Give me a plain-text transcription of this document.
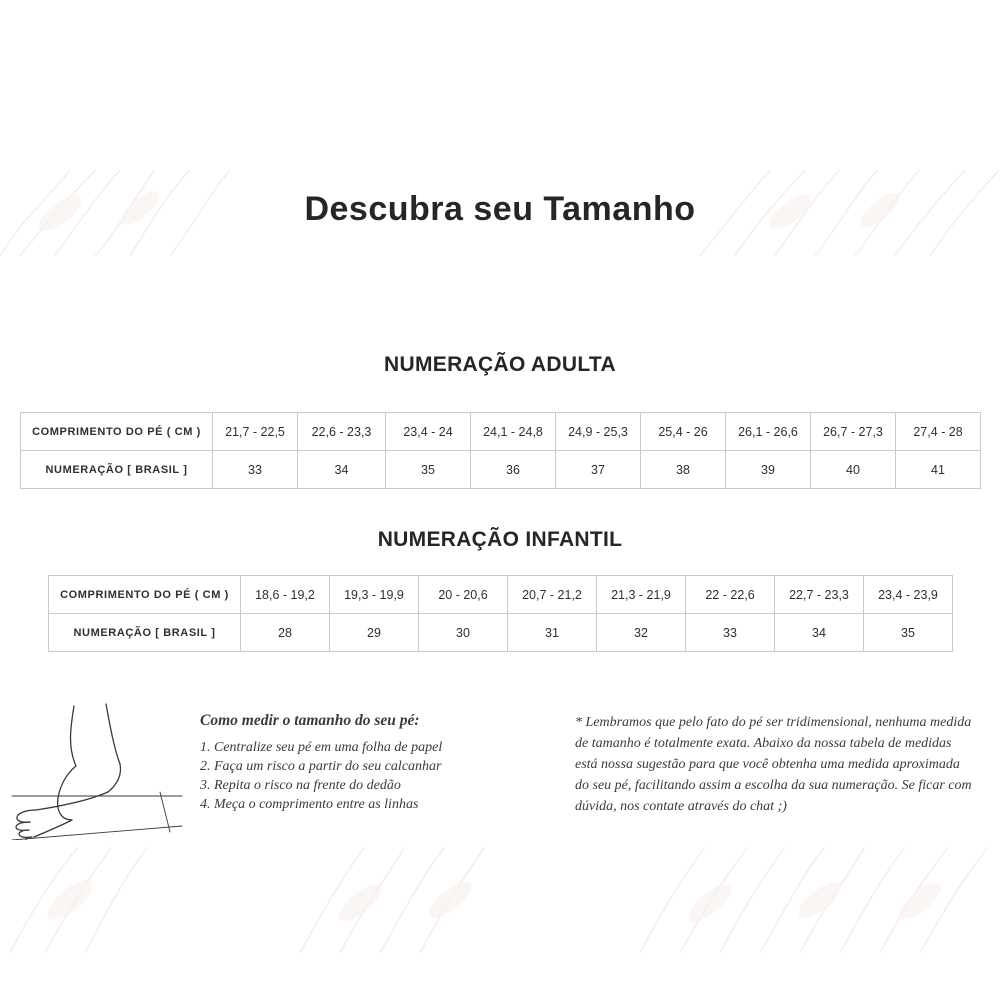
Descubra seu Tamanho
NUMERAÇÃO ADULTA
COMPRIMENTO DO PÉ ( CM )	21,7 - 22,5	22,6 - 23,3	23,4 - 24	24,1 - 24,8	24,9 - 25,3	25,4 - 26	26,1 - 26,6	26,7 - 27,3	27,4 - 28
NUMERAÇÃO [ BRASIL ]	33	34	35	36	37	38	39	40	41
NUMERAÇÃO INFANTIL
COMPRIMENTO DO PÉ ( CM )	18,6 - 19,2	19,3 - 19,9	20 - 20,6	20,7 - 21,2	21,3 - 21,9	22 - 22,6	22,7 - 23,3	23,4 - 23,9
NUMERAÇÃO [ BRASIL ]	28	29	30	31	32	33	34	35
Como medir o tamanho do seu pé:
1. Centralize seu pé em uma folha de papel
2. Faça um risco a partir do seu calcanhar
3. Repita o risco na frente do dedão
4. Meça o comprimento entre as linhas
* Lembramos que pelo fato do pé ser tridimensional, nenhuma medida de tamanho é totalmente exata. Abaixo da nossa tabela de medidas está nossa sugestão para que você obtenha uma medida aproximada do seu pé, facilitando assim a escolha da sua numeração. Se ficar com dúvida, nos contate através do chat ;)
